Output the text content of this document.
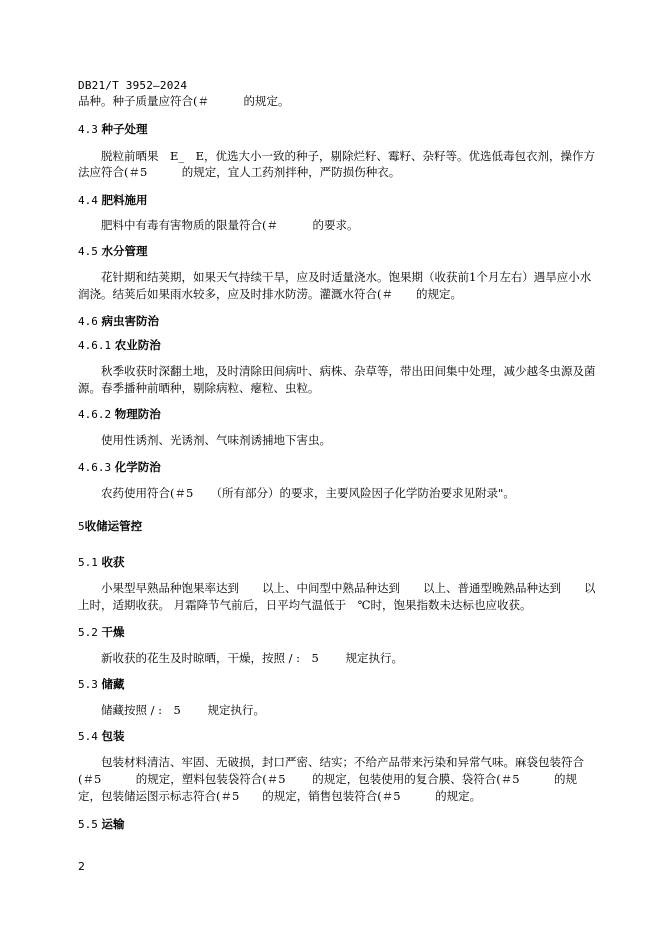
DB21/T 3952—2024
品种。种子质量应符合(＃　　　的规定。
4.3 种子处理
脱粒前晒果　E_　E，优选大小一致的种子，剔除烂籽、霉籽、杂籽等。优选低毒包衣剂，操作方
法应符合(＃5　　　的规定，宜人工药剂拌种，严防损伤种衣。
4.4 肥料施用
肥料中有毒有害物质的限量符合(＃　　　的要求。
4.5 水分管理
花针期和结荚期，如果天气持续干旱，应及时适量浇水。饱果期（收获前1个月左右）遇旱应小水
润浇。结荚后如果雨水较多，应及时排水防涝。灌溉水符合(＃　　的规定。
4.6 病虫害防治
4.6.1 农业防治
秋季收获时深翻土地，及时清除田间病叶、病株、杂草等，带出田间集中处理，减少越冬虫源及菌
源。春季播种前晒种，剔除病粒、瘪粒、虫粒。
4.6.2 物理防治
使用性诱剂、光诱剂、气味剂诱捕地下害虫。
4.6.3 化学防治
农药使用符合(＃5　　（所有部分）的要求，主要风险因子化学防治要求见附录"。
5收储运管控
5.1 收获
小果型早熟品种饱果率达到　　以上、中间型中熟品种达到　　以上、普通型晚熟品种达到　　以
上时，适期收获。 月霜降节气前后，日平均气温低于　℃时，饱果指数未达标也应收获。
5.2 干燥
新收获的花生及时晾晒，干燥，按照 / :　5　　 规定执行。
5.3 储藏
储藏按照 / :　5　　 规定执行。
5.4 包装
包装材料清洁、牢固、无破损，封口严密、结实；不给产品带来污染和异常气味。麻袋包装符合
(＃5　　　的规定，塑料包装袋符合(＃5　　 的规定，包装使用的复合膜、袋符合(＃5　　　的规
定，包装储运图示标志符合(＃5　　的规定，销售包装符合(＃5　　　的规定。
5.5 运输
2
